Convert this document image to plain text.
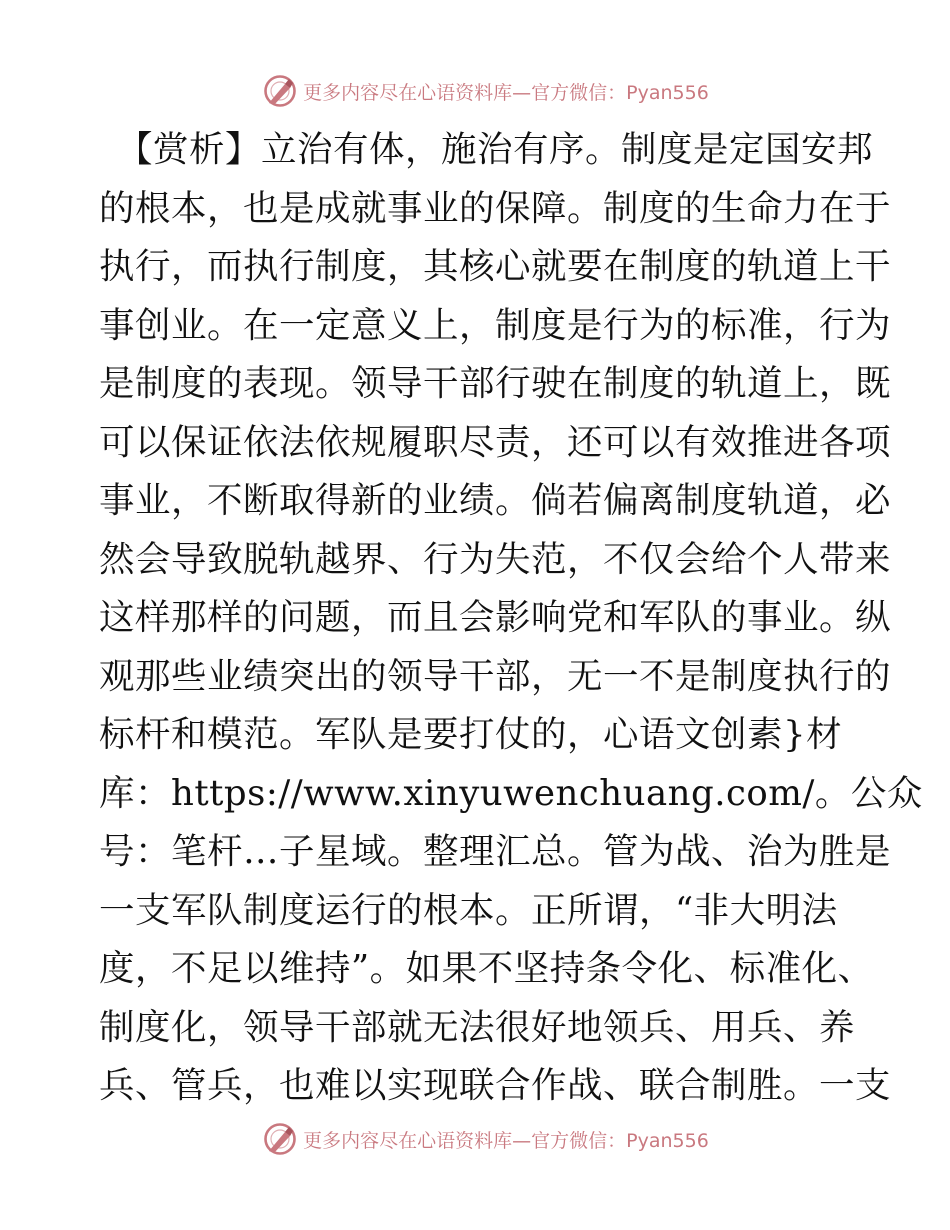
更多内容尽在心语资料库—官方微信：Pyan556
【赏析】立治有体，施治有序。制度是定国安邦
的根本，也是成就事业的保障。制度的生命力在于
执行，而执行制度，其核心就要在制度的轨道上干
事创业。在一定意义上，制度是行为的标准，行为
是制度的表现。领导干部行驶在制度的轨道上，既
可以保证依法依规履职尽责，还可以有效推进各项
事业，不断取得新的业绩。倘若偏离制度轨道，必
然会导致脱轨越界、行为失范，不仅会给个人带来
这样那样的问题，而且会影响党和军队的事业。纵
观那些业绩突出的领导干部，无一不是制度执行的
标杆和模范。军队是要打仗的，心语文创素}材
库：https://www.xinyuwenchuang.com/。公众
号：笔杆…子星域。整理汇总。管为战、治为胜是
一支军队制度运行的根本。正所谓，“非大明法
度，不足以维持”。如果不坚持条令化、标准化、
制度化，领导干部就无法很好地领兵、用兵、养
兵、管兵，也难以实现联合作战、联合制胜。一支
更多内容尽在心语资料库—官方微信：Pyan556
